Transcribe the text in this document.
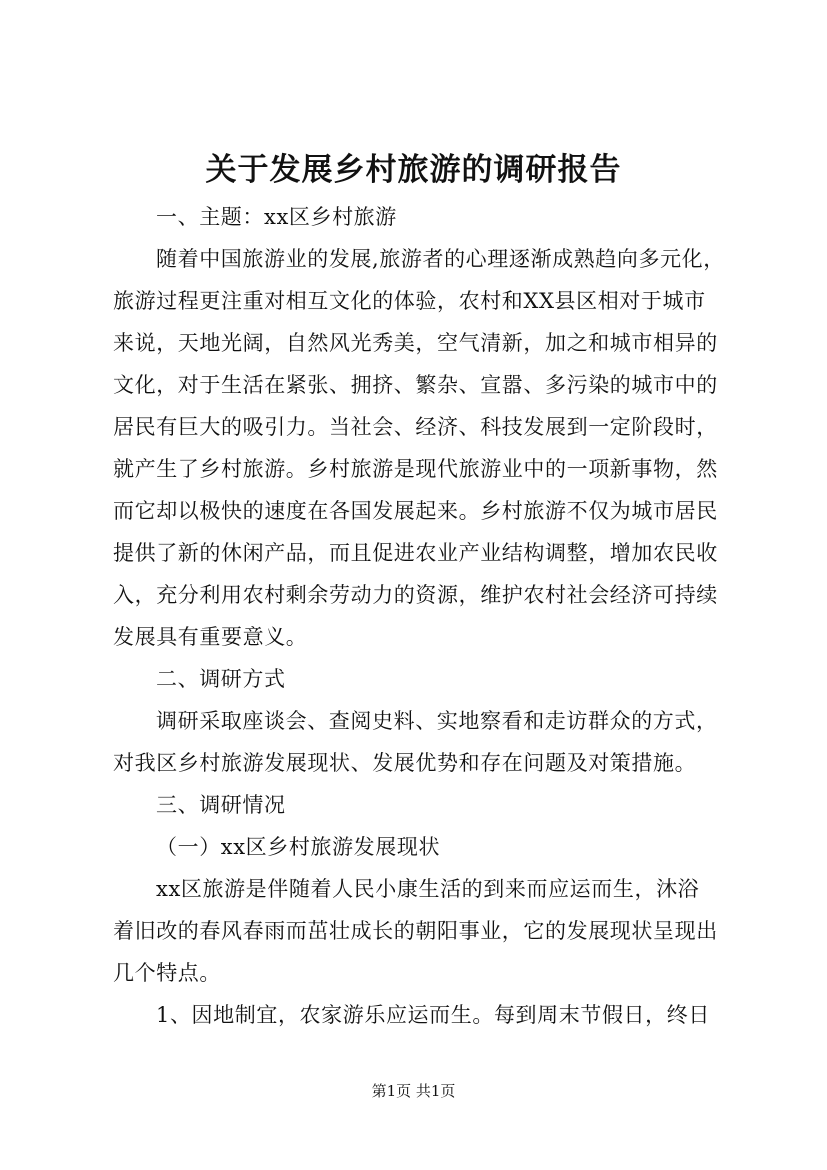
关于发展乡村旅游的调研报告
一、主题：xx区乡村旅游
随着中国旅游业的发展,旅游者的心理逐渐成熟趋向多元化，
旅游过程更注重对相互文化的体验，农村和XX县区相对于城市
来说，天地光阔，自然风光秀美，空气清新，加之和城市相异的
文化，对于生活在紧张、拥挤、繁杂、宣嚣、多污染的城市中的
居民有巨大的吸引力。当社会、经济、科技发展到一定阶段时，
就产生了乡村旅游。乡村旅游是现代旅游业中的一项新事物，然
而它却以极快的速度在各国发展起来。乡村旅游不仅为城市居民
提供了新的休闲产品，而且促进农业产业结构调整，增加农民收
入，充分利用农村剩余劳动力的资源，维护农村社会经济可持续
发展具有重要意义。
二、调研方式
调研采取座谈会、查阅史料、实地察看和走访群众的方式，
对我区乡村旅游发展现状、发展优势和存在问题及对策措施。
三、调研情况
（一）xx区乡村旅游发展现状
xx区旅游是伴随着人民小康生活的到来而应运而生，沐浴
着旧改的春风春雨而茁壮成长的朝阳事业，它的发展现状呈现出
几个特点。
1、因地制宜，农家游乐应运而生。每到周末节假日，终日
第1页 共1页
